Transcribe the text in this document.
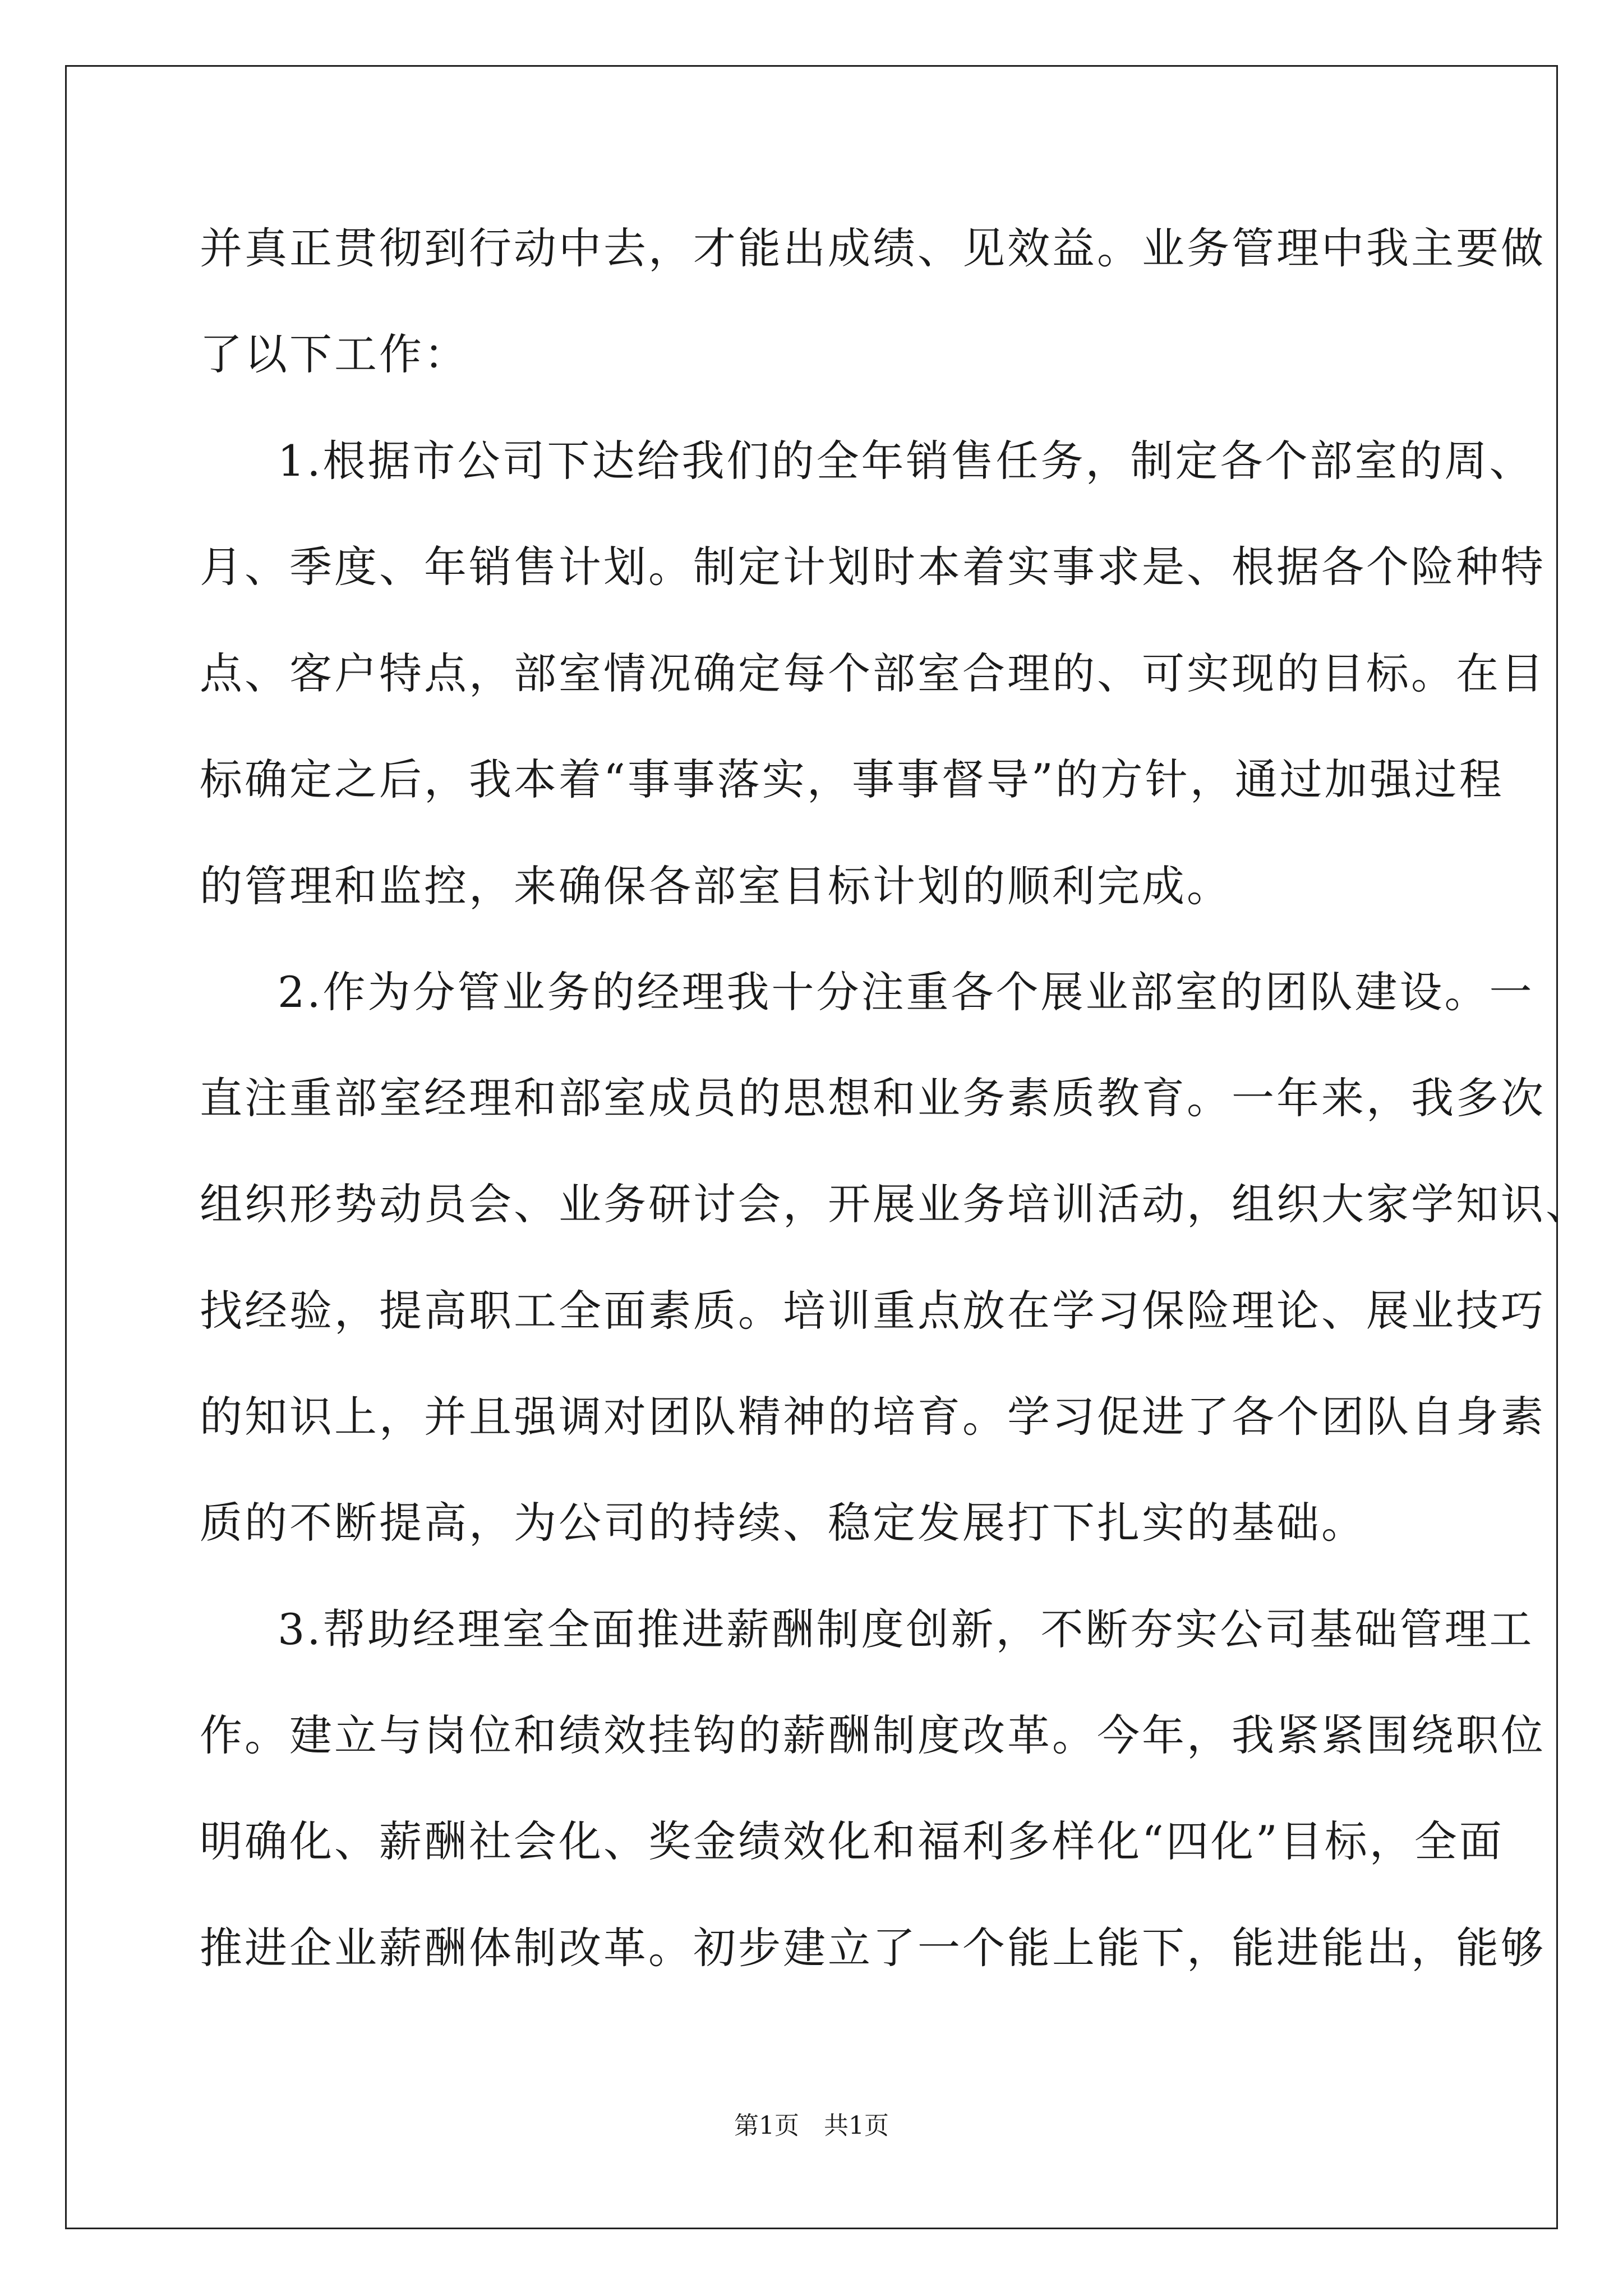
并真正贯彻到行动中去，才能出成绩、见效益。业务管理中我主要做
了以下工作：
1.根据市公司下达给我们的全年销售任务，制定各个部室的周、
月、季度、年销售计划。制定计划时本着实事求是、根据各个险种特
点、客户特点，部室情况确定每个部室合理的、可实现的目标。在目
标确定之后，我本着“事事落实，事事督导”的方针，通过加强过程
的管理和监控，来确保各部室目标计划的顺利完成。
2.作为分管业务的经理我十分注重各个展业部室的团队建设。一
直注重部室经理和部室成员的思想和业务素质教育。一年来，我多次
组织形势动员会、业务研讨会，开展业务培训活动，组织大家学知识、
找经验，提高职工全面素质。培训重点放在学习保险理论、展业技巧
的知识上，并且强调对团队精神的培育。学习促进了各个团队自身素
质的不断提高，为公司的持续、稳定发展打下扎实的基础。
3.帮助经理室全面推进薪酬制度创新，不断夯实公司基础管理工
作。建立与岗位和绩效挂钩的薪酬制度改革。今年，我紧紧围绕职位
明确化、薪酬社会化、奖金绩效化和福利多样化“四化”目标，全面
推进企业薪酬体制改革。初步建立了一个能上能下，能进能出，能够
第1页　共1页
